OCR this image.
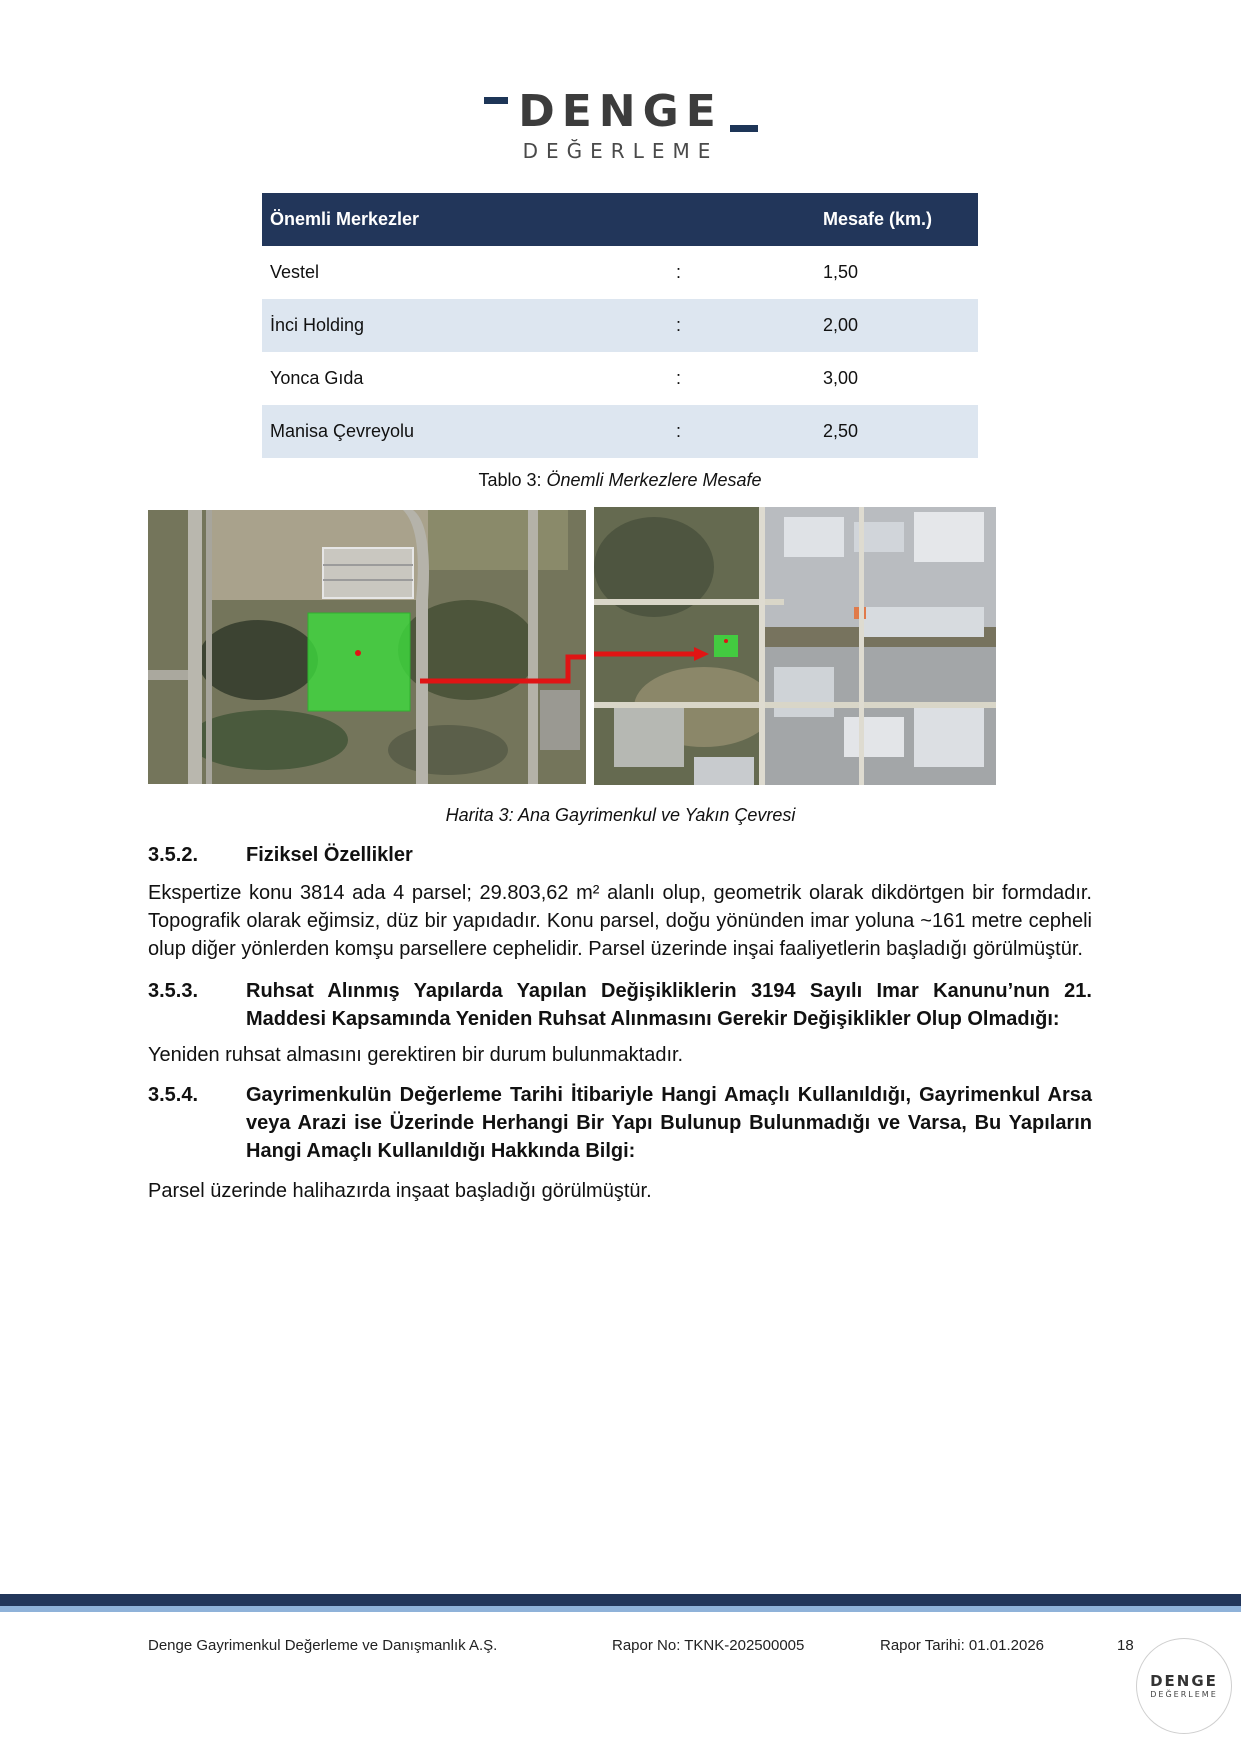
DENGE
DEĞERLEME
Önemli Merkezler		Mesafe (km.)
Vestel	:	1,50
İnci Holding	:	2,00
Yonca Gıda	:	3,00
Manisa Çevreyolu	:	2,50
Tablo 3: Önemli Merkezlere Mesafe
Harita 3: Ana Gayrimenkul ve Yakın Çevresi
3.5.2. Fiziksel Özellikler
Ekspertize konu 3814 ada 4 parsel; 29.803,62 m² alanlı olup, geometrik olarak dikdörtgen bir formdadır. Topografik olarak eğimsiz, düz bir yapıdadır. Konu parsel, doğu yönünden imar yoluna ~161 metre cepheli olup diğer yönlerden komşu parsellere cephelidir. Parsel üzerinde inşai faaliyetlerin başladığı görülmüştür.
3.5.3. Ruhsat Alınmış Yapılarda Yapılan Değişikliklerin 3194 Sayılı Imar Kanunu’nun 21. Maddesi Kapsamında Yeniden Ruhsat Alınmasını Gerekir Değişiklikler Olup Olmadığı:
Yeniden ruhsat almasını gerektiren bir durum bulunmaktadır.
3.5.4. Gayrimenkulün Değerleme Tarihi İtibariyle Hangi Amaçlı Kullanıldığı, Gayrimenkul Arsa veya Arazi ise Üzerinde Herhangi Bir Yapı Bulunup Bulunmadığı ve Varsa, Bu Yapıların Hangi Amaçlı Kullanıldığı Hakkında Bilgi:
Parsel üzerinde halihazırda inşaat başladığı görülmüştür.
Denge Gayrimenkul Değerleme ve Danışmanlık A.Ş.	Rapor No: TKNK-202500005	Rapor Tarihi: 01.01.2026	18
DENGE
DEĞERLEME
